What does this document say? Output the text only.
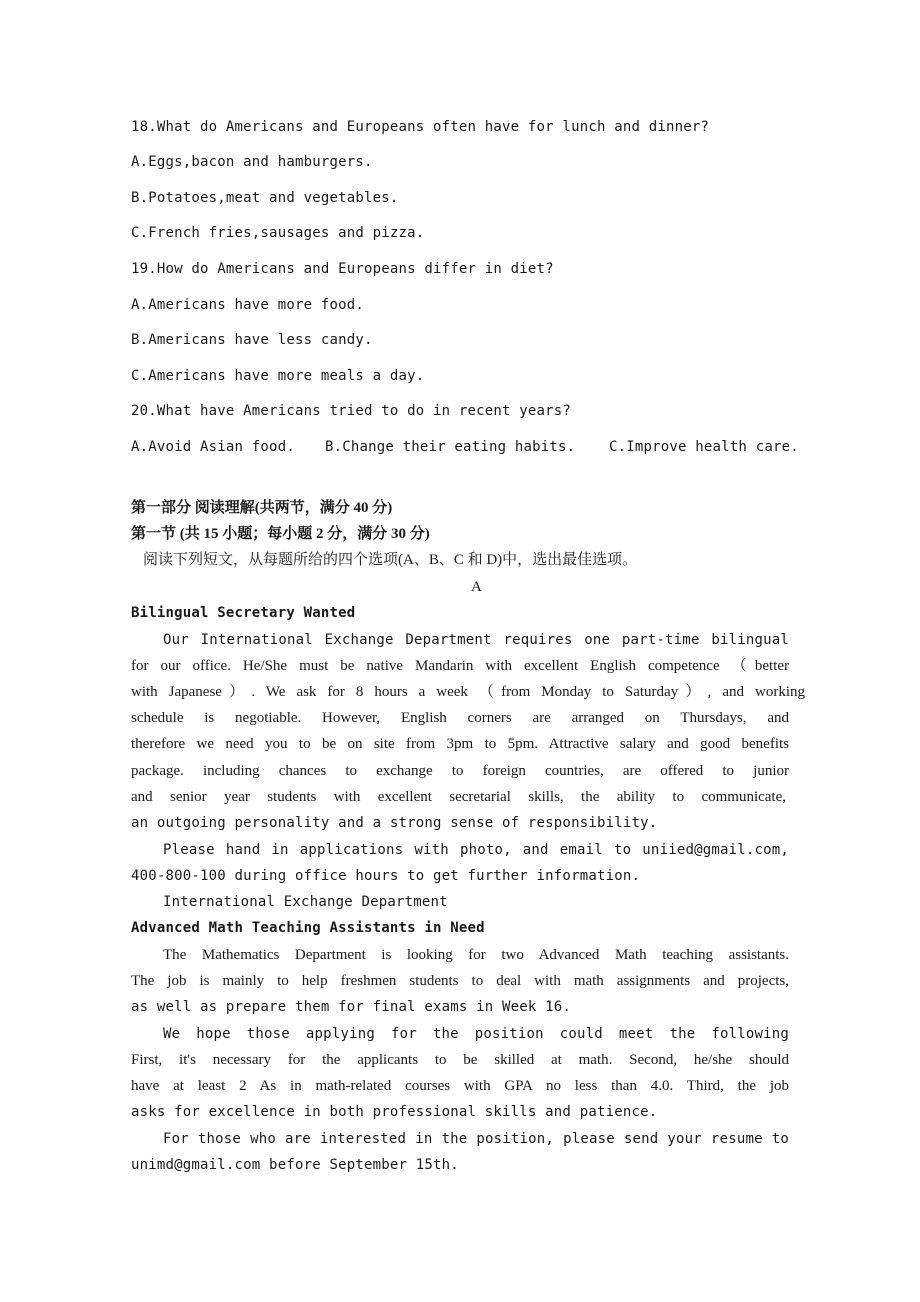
18.What do Americans and Europeans often have for lunch and dinner?
A.Eggs,bacon and hamburgers.
B.Potatoes,meat and vegetables.
C.French fries,sausages and pizza.
19.How do Americans and Europeans differ in diet?
A.Americans have more food.
B.Americans have less candy.
C.Americans have more meals a day.
20.What have Americans tried to do in recent years?
A.Avoid Asian food. B.Change their eating habits. C.Improve health care.
第一部分 阅读理解(共两节，满分 40 分)
第一节 (共 15 小题；每小题 2 分，满分 30 分)
阅读下列短文，从每题所给的四个选项(A、B、C 和 D)中，选出最佳选项。
A
Bilingual Secretary Wanted
Our International Exchange Department requires one part-time bilingual
for our office. He/She must be native Mandarin with excellent English competence （better
with Japanese）. We ask for 8 hours a week （from Monday to Saturday）, and working
schedule is negotiable. However, English corners are arranged on Thursdays, and
therefore we need you to be on site from 3pm to 5pm. Attractive salary and good benefits
package. including chances to exchange to foreign countries, are offered to junior
and senior year students with excellent secretarial skills, the ability to communicate,
an outgoing personality and a strong sense of responsibility.
Please hand in applications with photo, and email to uniied@gmail.com,
400-800-100 during office hours to get further information.
International Exchange Department
Advanced Math Teaching Assistants in Need
The Mathematics Department is looking for two Advanced Math teaching assistants.
The job is mainly to help freshmen students to deal with math assignments and projects,
as well as prepare them for final exams in Week 16.
We hope those applying for the position could meet the following
First, it's necessary for the applicants to be skilled at math. Second, he/she should
have at least 2 As in math-related courses with GPA no less than 4.0. Third, the job
asks for excellence in both professional skills and patience.
For those who are interested in the position, please send your resume to
unimd@gmail.com before September 15th.
